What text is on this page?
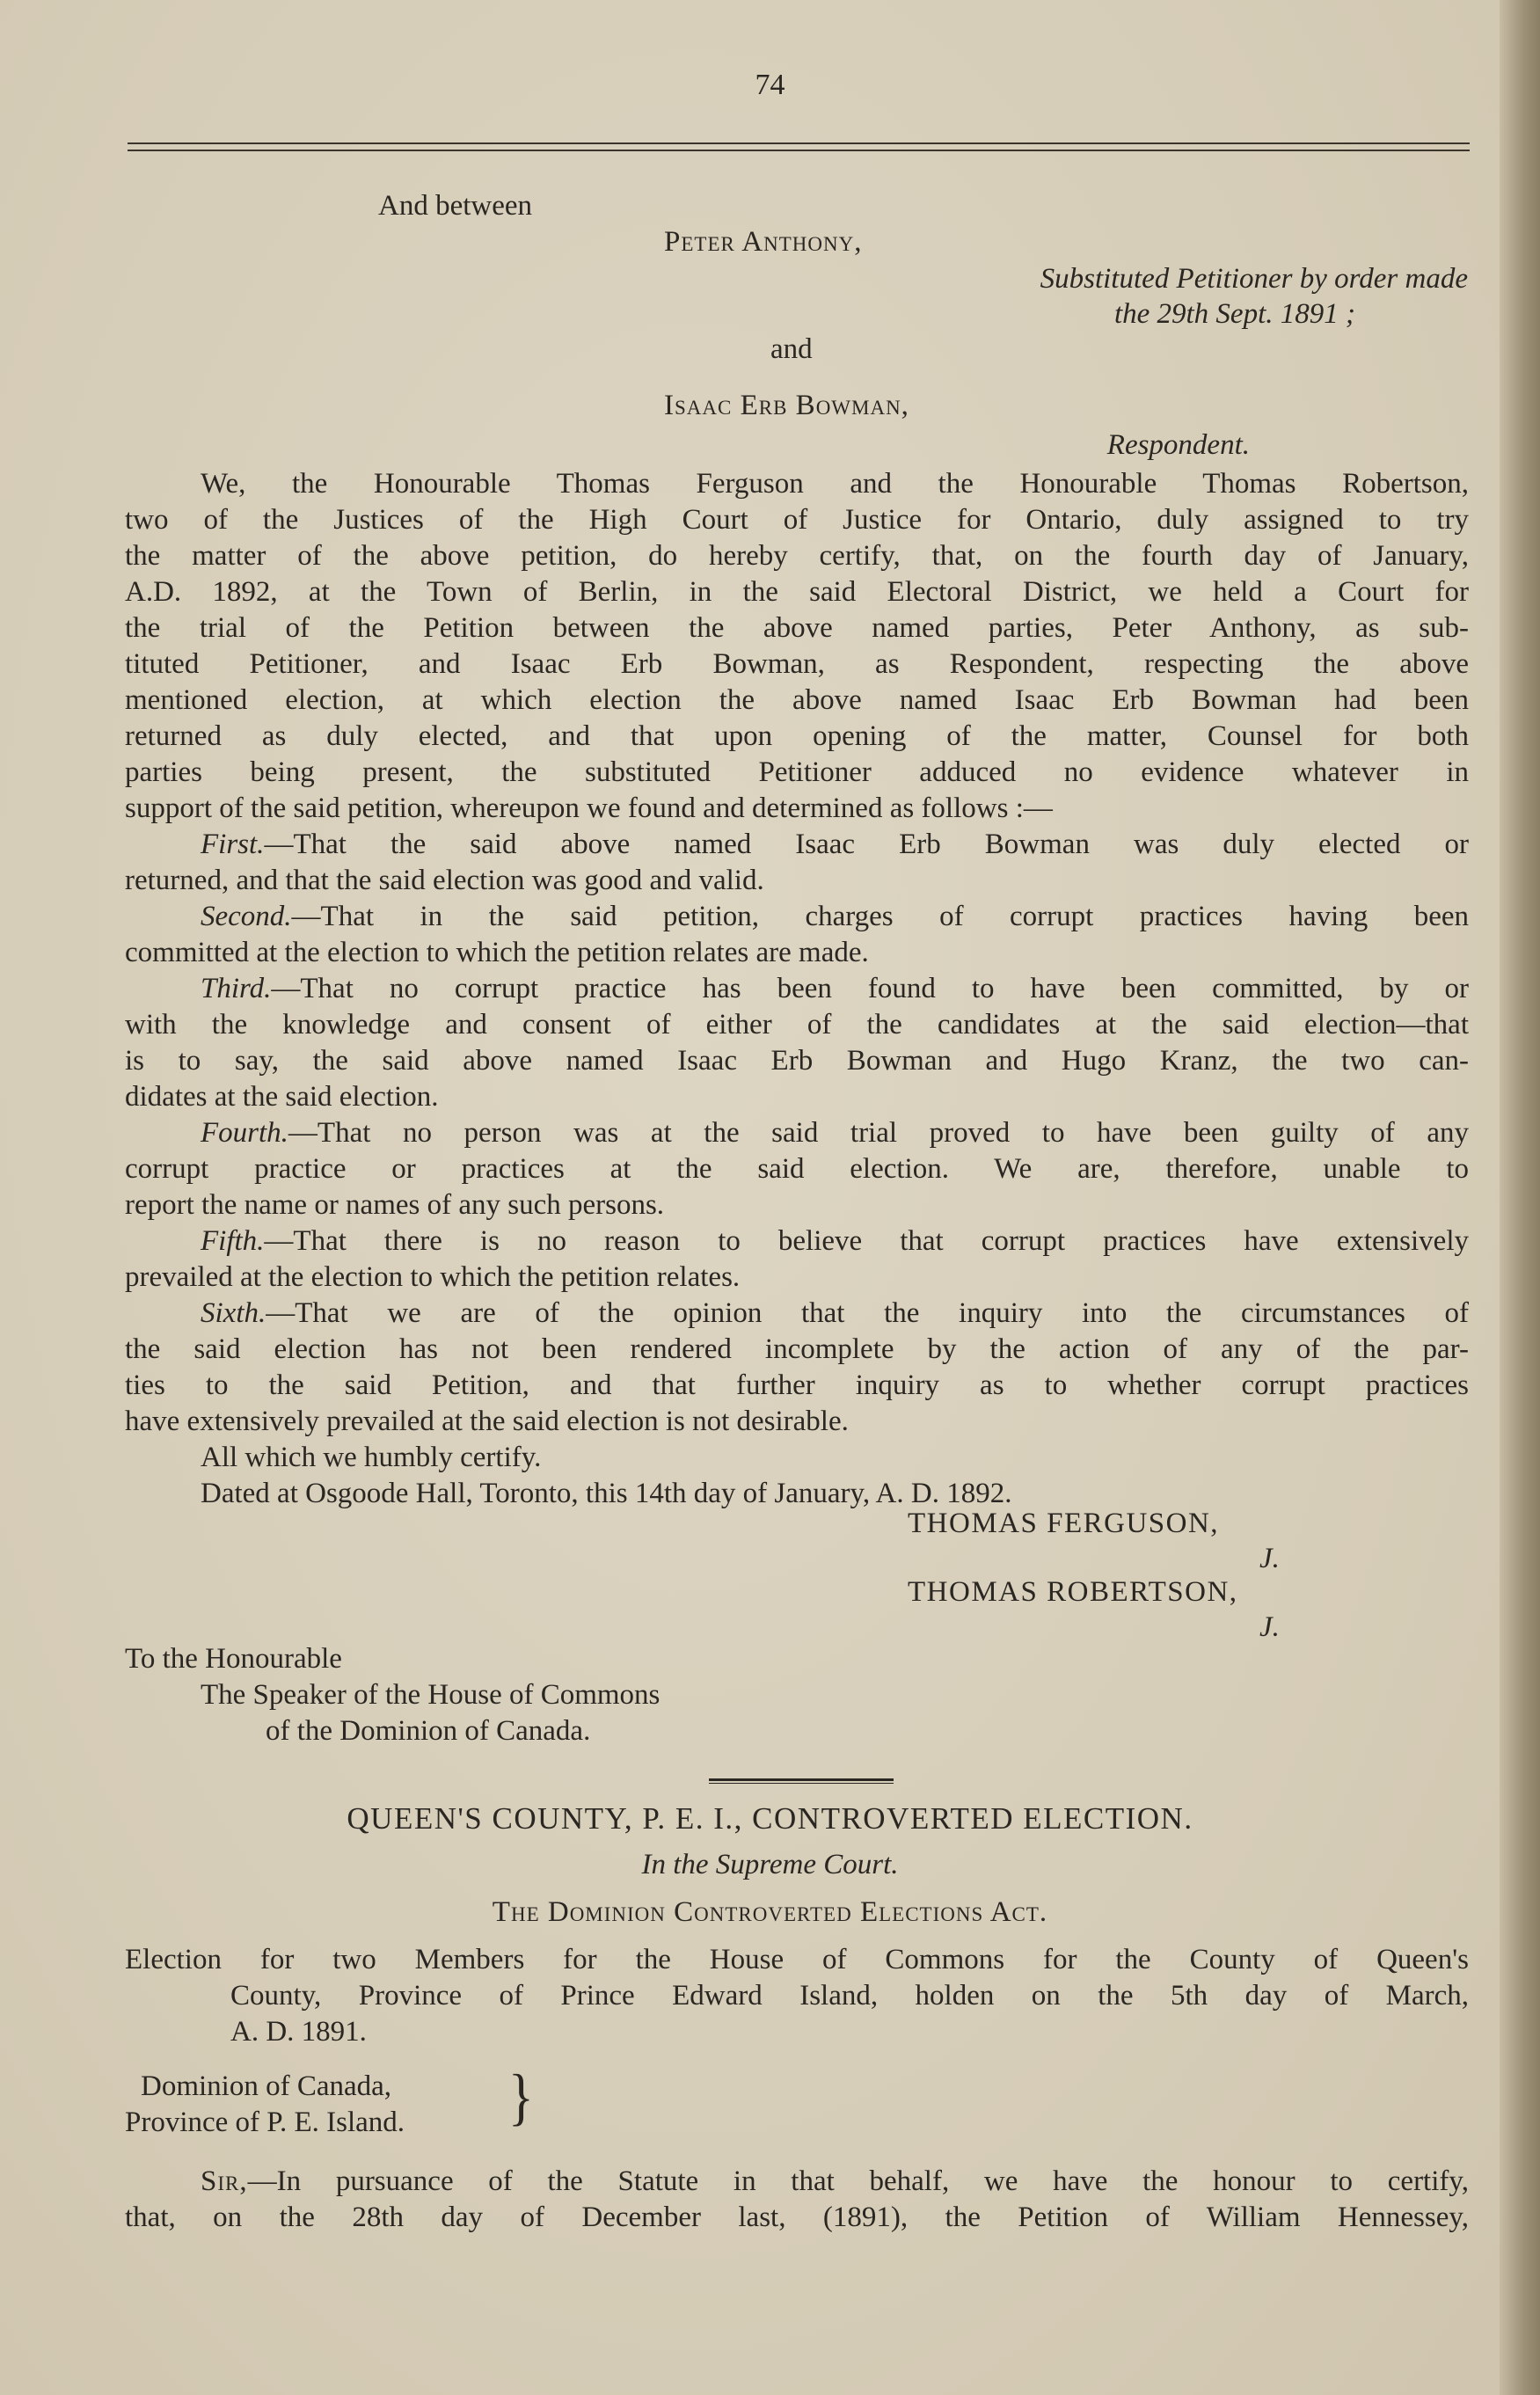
74
And between
Peter Anthony,
Substituted Petitioner by order made
the 29th Sept. 1891 ;
and
Isaac Erb Bowman,
Respondent.
We, the Honourable Thomas Ferguson and the Honourable Thomas Robertson,
two of the Justices of the High Court of Justice for Ontario, duly assigned to try
the matter of the above petition, do hereby certify, that, on the fourth day of January,
A.D. 1892, at the Town of Berlin, in the said Electoral District, we held a Court for
the trial of the Petition between the above named parties, Peter Anthony, as sub-
tituted Petitioner, and Isaac Erb Bowman, as Respondent, respecting the above
mentioned election, at which election the above named Isaac Erb Bowman had been
returned as duly elected, and that upon opening of the matter, Counsel for both
parties being present, the substituted Petitioner adduced no evidence whatever in
support of the said petition, whereupon we found and determined as follows :—
First.—That the said above named Isaac Erb Bowman was duly elected or
returned, and that the said election was good and valid.
Second.—That in the said petition, charges of corrupt practices having been
committed at the election to which the petition relates are made.
Third.—That no corrupt practice has been found to have been committed, by or
with the knowledge and consent of either of the candidates at the said election—that
is to say, the said above named Isaac Erb Bowman and Hugo Kranz, the two can-
didates at the said election.
Fourth.—That no person was at the said trial proved to have been guilty of any
corrupt practice or practices at the said election. We are, therefore, unable to
report the name or names of any such persons.
Fifth.—That there is no reason to believe that corrupt practices have extensively
prevailed at the election to which the petition relates.
Sixth.—That we are of the opinion that the inquiry into the circumstances of
the said election has not been rendered incomplete by the action of any of the par-
ties to the said Petition, and that further inquiry as to whether corrupt practices
have extensively prevailed at the said election is not desirable.
All which we humbly certify.
Dated at Osgoode Hall, Toronto, this 14th day of January, A. D. 1892.
THOMAS FERGUSON,
J.
THOMAS ROBERTSON,
J.
To the Honourable
The Speaker of the House of Commons
of the Dominion of Canada.
QUEEN'S COUNTY, P. E. I., CONTROVERTED ELECTION.
In the Supreme Court.
The Dominion Controverted Elections Act.
Election for two Members for the House of Commons for the County of Queen's
County, Province of Prince Edward Island, holden on the 5th day of March,
A. D. 1891.
Dominion of Canada,
Province of P. E. Island. }
Sir,—In pursuance of the Statute in that behalf, we have the honour to certify,
that, on the 28th day of December last, (1891), the Petition of William Hennessey,
